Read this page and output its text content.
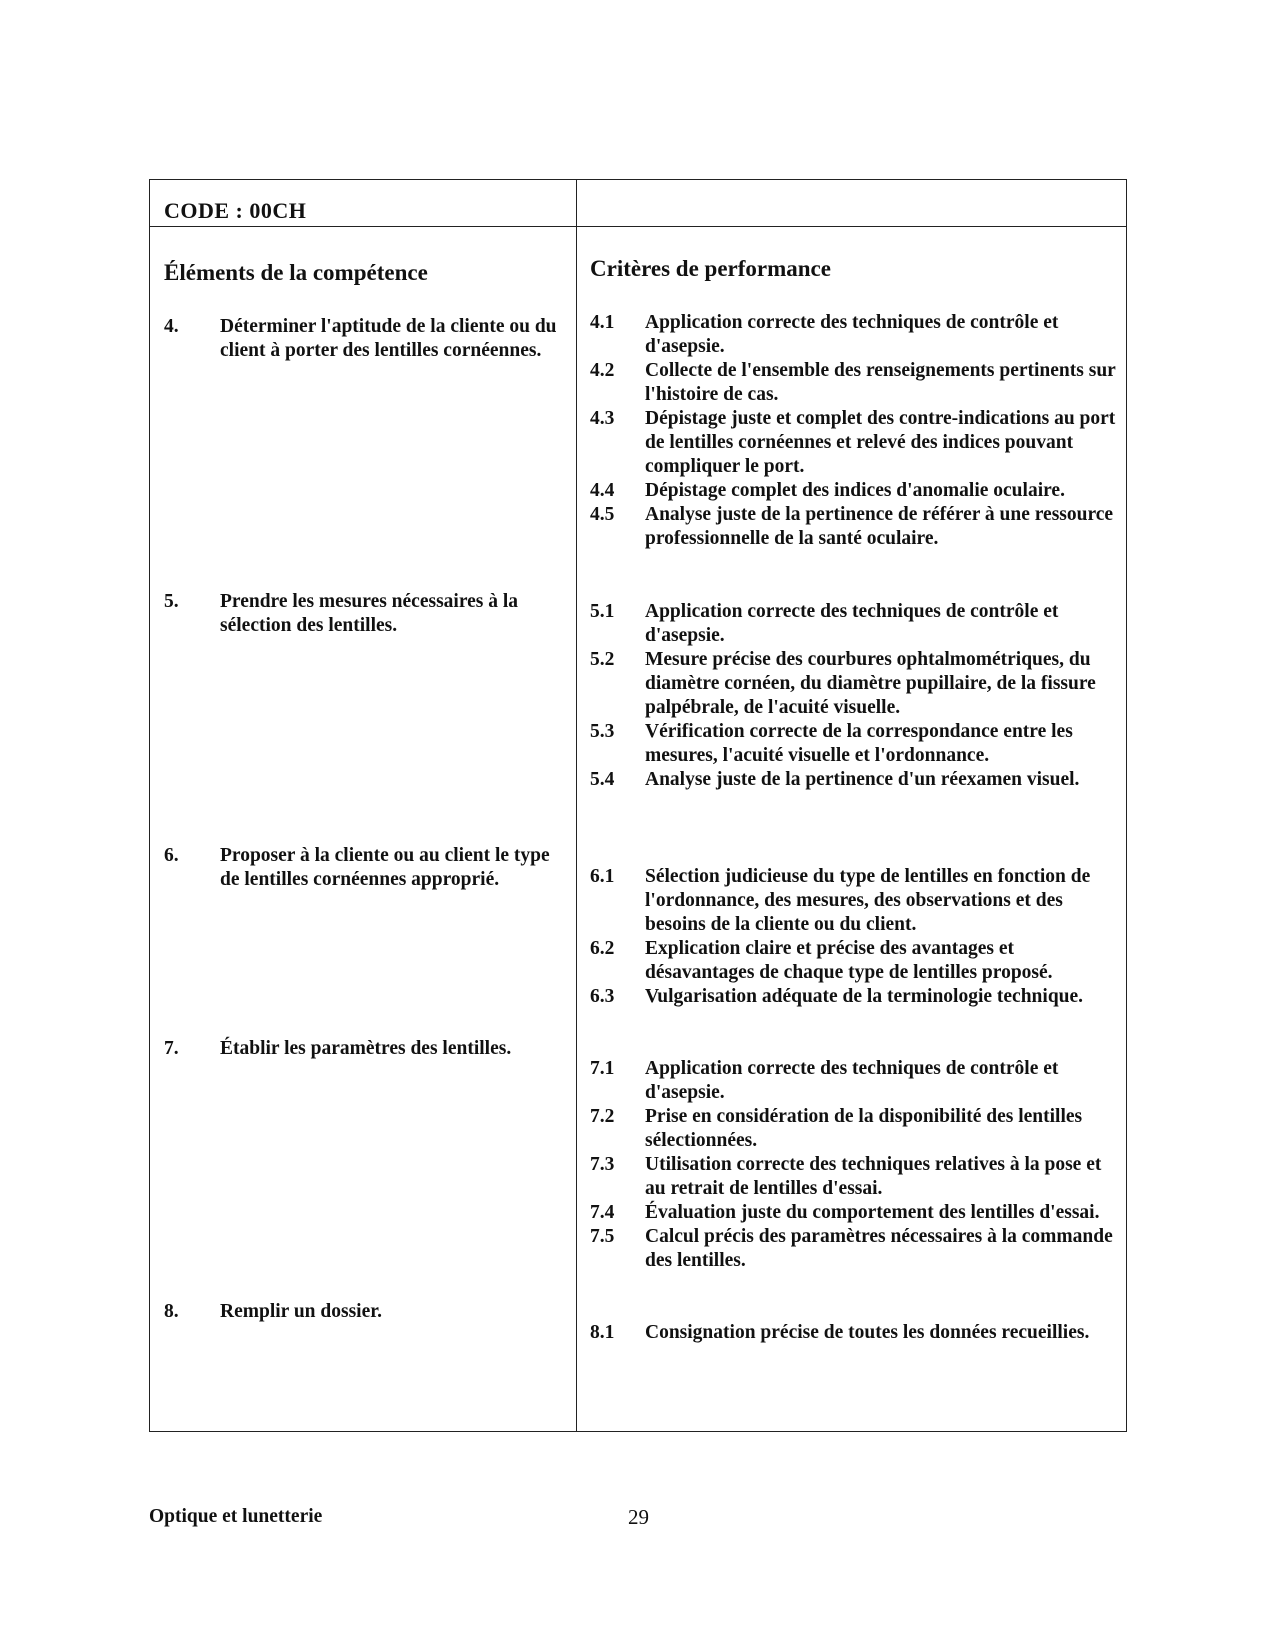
CODE : 00CH
Éléments de la compétence	Critères de performance
4. Déterminer l'aptitude de la cliente ou du client à porter des lentilles cornéennes.
5. Prendre les mesures nécessaires à la sélection des lentilles.
6. Proposer à la cliente ou au client le type de lentilles cornéennes approprié.
7. Établir les paramètres des lentilles.
8. Remplir un dossier.
4.1 Application correcte des techniques de contrôle et d'asepsie.
4.2 Collecte de l'ensemble des renseignements pertinents sur l'histoire de cas.
4.3 Dépistage juste et complet des contre-indications au port de lentilles cornéennes et relevé des indices pouvant compliquer le port.
4.4 Dépistage complet des indices d'anomalie oculaire.
4.5 Analyse juste de la pertinence de référer à une ressource professionnelle de la santé oculaire.
5.1 Application correcte des techniques de contrôle et d'asepsie.
5.2 Mesure précise des courbures ophtalmométriques, du diamètre cornéen, du diamètre pupillaire, de la fissure palpébrale, de l'acuité visuelle.
5.3 Vérification correcte de la correspondance entre les mesures, l'acuité visuelle et l'ordonnance.
5.4 Analyse juste de la pertinence d'un réexamen visuel.
6.1 Sélection judicieuse du type de lentilles en fonction de l'ordonnance, des mesures, des observations et des besoins de la cliente ou du client.
6.2 Explication claire et précise des avantages et désavantages de chaque type de lentilles proposé.
6.3 Vulgarisation adéquate de la terminologie technique.
7.1 Application correcte des techniques de contrôle et d'asepsie.
7.2 Prise en considération de la disponibilité des lentilles sélectionnées.
7.3 Utilisation correcte des techniques relatives à la pose et au retrait de lentilles d'essai.
7.4 Évaluation juste du comportement des lentilles d'essai.
7.5 Calcul précis des paramètres nécessaires à la commande des lentilles.
8.1 Consignation précise de toutes les données recueillies.
Optique et lunetterie	29
